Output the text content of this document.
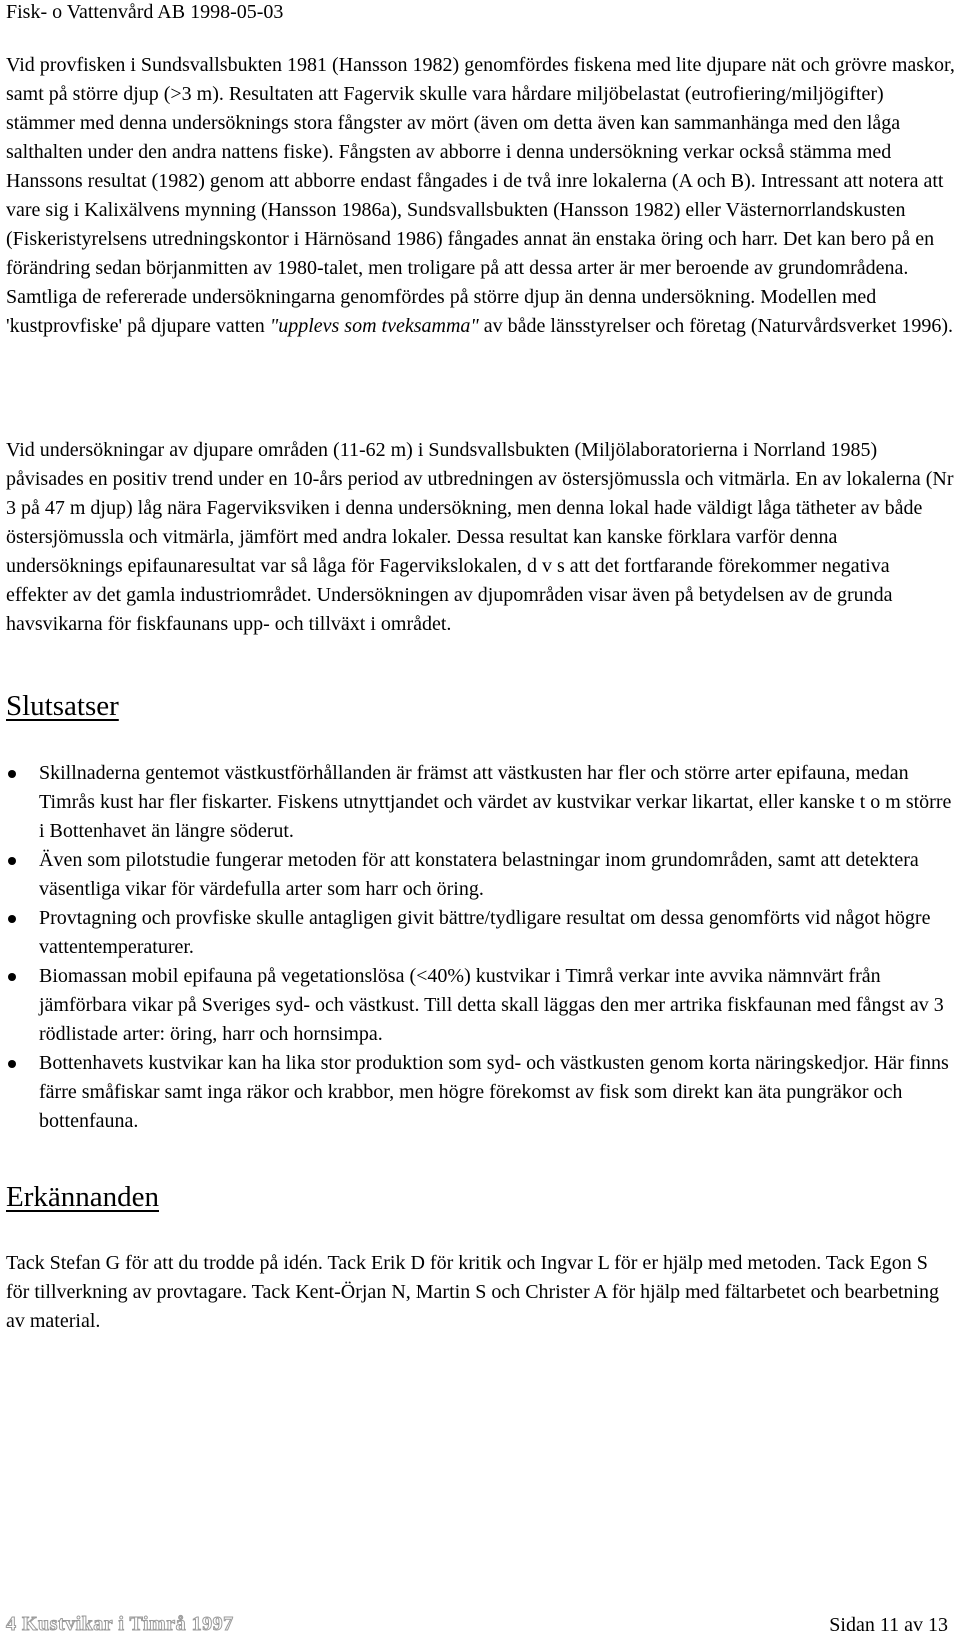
Fisk- o Vattenvård AB 1998-05-03

Vid provfisken i Sundsvallsbukten 1981 (Hansson 1982) genomfördes fiskena med lite djupare nät och grövre maskor, samt på större djup (>3 m). Resultaten att Fagervik skulle vara hårdare miljöbelastat (eutrofiering/miljögifter) stämmer med denna undersöknings stora fångster av mört (även om detta även kan sammanhänga med den låga salthalten under den andra nattens fiske). Fångsten av abborre i denna undersökning verkar också stämma med Hanssons resultat (1982) genom att abborre endast fångades i de två inre lokalerna (A och B). Intressant att notera att vare sig i Kalixälvens mynning (Hansson 1986a), Sundsvallsbukten (Hansson 1982) eller Västernorrlandskusten (Fiskeristyrelsens utredningskontor i Härnösand 1986) fångades annat än enstaka öring och harr. Det kan bero på en förändring sedan börjanmitten av 1980-talet, men troligare på att dessa arter är mer beroende av grundområdena. Samtliga de refererade undersökningarna genomfördes på större djup än denna undersökning. Modellen med 'kustprovfiske' på djupare vatten "upplevs som tveksamma" av både länsstyrelser och företag (Naturvårdsverket 1996).

Vid undersökningar av djupare områden (11-62 m) i Sundsvallsbukten (Miljölaboratorierna i Norrland 1985) påvisades en positiv trend under en 10-års period av utbredningen av östersjömussla och vitmärla. En av lokalerna (Nr 3 på 47 m djup) låg nära Fagerviksviken i denna undersökning, men denna lokal hade väldigt låga tätheter av både östersjömussla och vitmärla, jämfört med andra lokaler. Dessa resultat kan kanske förklara varför denna undersöknings epifaunaresultat var så låga för Fagervikslokalen, d v s att det fortfarande förekommer negativa effekter av det gamla industriområdet. Undersökningen av djupområden visar även på betydelsen av de grunda havsvikarna för fiskfaunans upp- och tillväxt i området.

Slutsatser
Skillnaderna gentemot västkustförhållanden är främst att västkusten har fler och större arter epifauna, medan Timrås kust har fler fiskarter. Fiskens utnyttjandet och värdet av kustvikar verkar likartat, eller kanske t o m större i Bottenhavet än längre söderut.
Även som pilotstudie fungerar metoden för att konstatera belastningar inom grundområden, samt att detektera väsentliga vikar för värdefulla arter som harr och öring.
Provtagning och provfiske skulle antagligen givit bättre/tydligare resultat om dessa genomförts vid något högre vattentemperaturer.
Biomassan mobil epifauna på vegetationslösa (<40%) kustvikar i Timrå verkar inte avvika nämnvärt från jämförbara vikar på Sveriges syd- och västkust. Till detta skall läggas den mer artrika fiskfaunan med fångst av 3 rödlistade arter: öring, harr och hornsimpa.
Bottenhavets kustvikar kan ha lika stor produktion som syd- och västkusten genom korta näringskedjor. Här finns färre småfiskar samt inga räkor och krabbor, men högre förekomst av fisk som direkt kan äta pungräkor och bottenfauna.
Erkännanden

Tack Stefan G för att du trodde på idén. Tack Erik D för kritik och Ingvar L för er hjälp med metoden. Tack Egon S för tillverkning av provtagare. Tack Kent-Örjan N, Martin S och Christer A för hjälp med fältarbetet och bearbetning av material.

4 Kustvikar i Timrå 1997	Sidan 11 av 13
